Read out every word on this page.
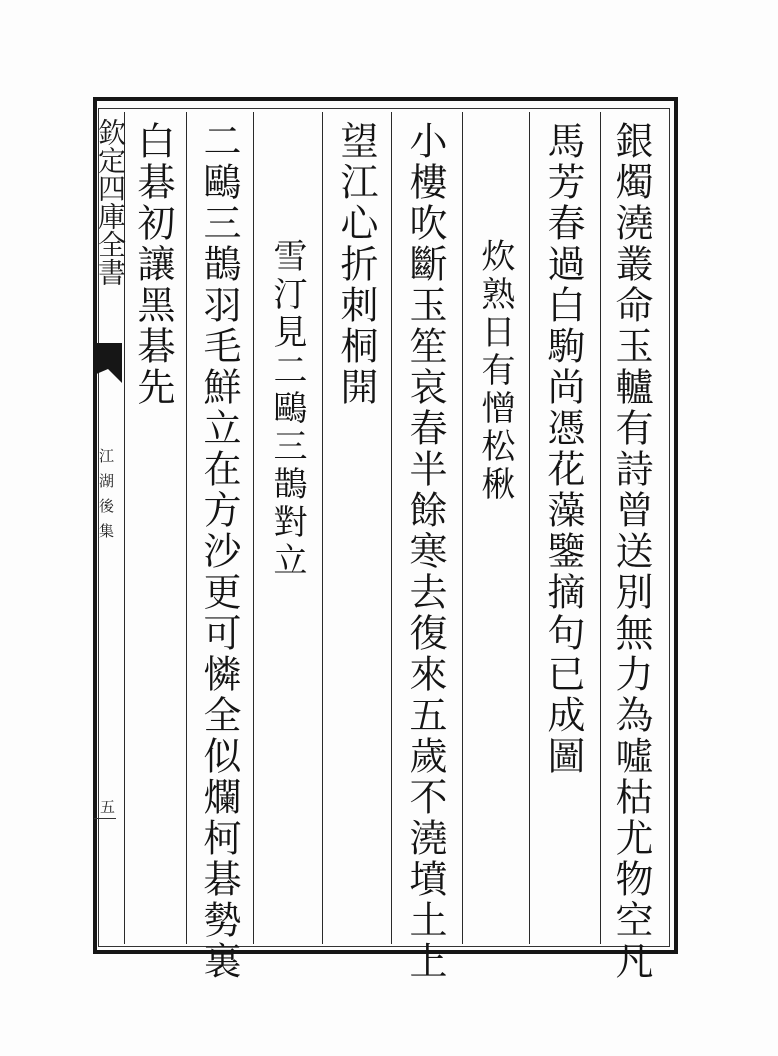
欽定四庫全書
江湖後集
五	銀燭澆叢命玉轤有詩曾送別無力為噓枯尤物空凡
馬芳春過白駒尚憑花藻鑒摘句已成圖
炊熟日有憎松楸
小樓吹斷玉笙哀春半餘寒去復來五歲不澆墳土上
望江心折刺桐開
雪汀見二鷗三鵲對立
二鷗三鵲羽毛鮮立在方沙更可憐全似爛柯碁勢裏
白碁初讓黑碁先
